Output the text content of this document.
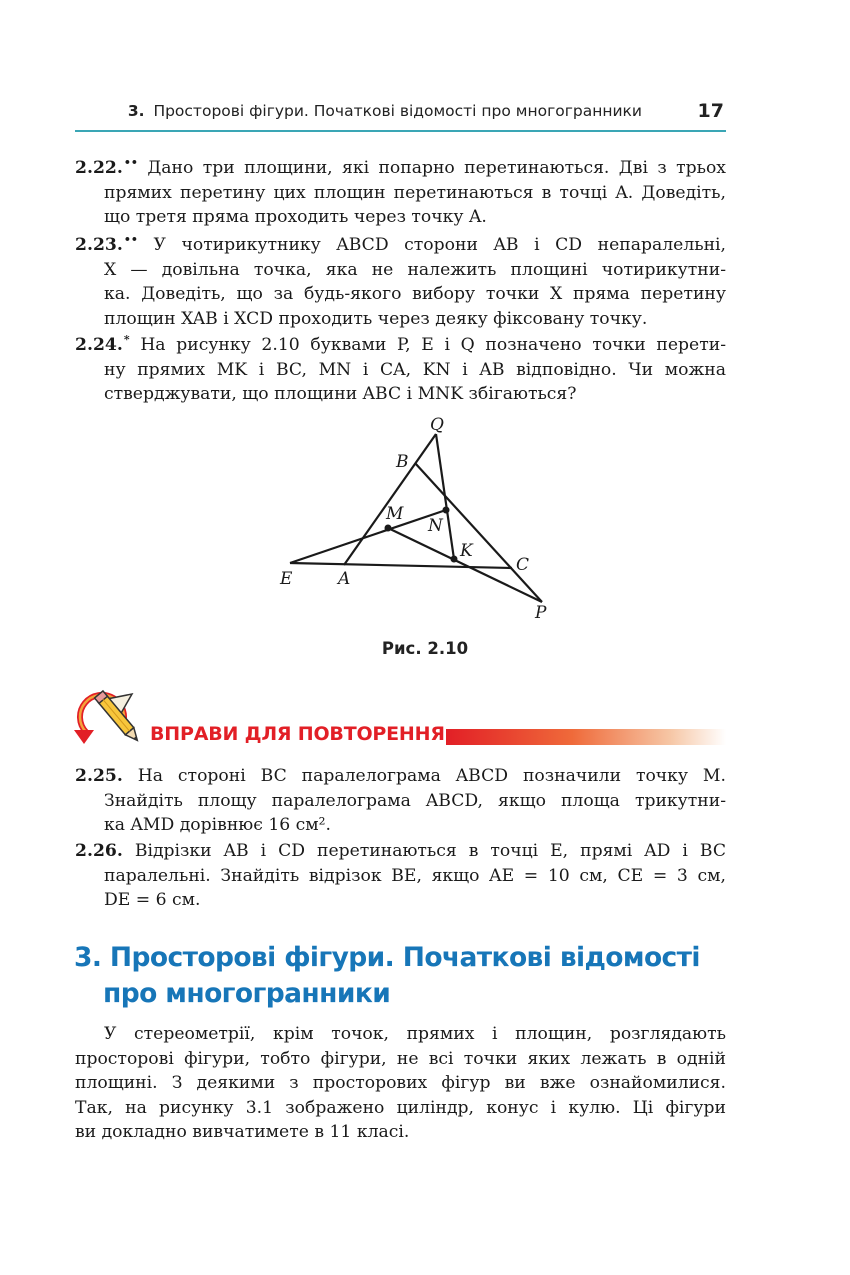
3. Просторові фігури. Початкові відомості про многогранники	17
2.22.•• Дано три площини, які попарно перетинаються. Дві з трьох
прямих перетину цих площин перетинаються в точці A. Доведіть,
що третя пряма проходить через точку A.
2.23.•• У чотирикутнику ABCD сторони AB і CD непаралельні,
X — довільна точка, яка не належить площині чотирикутни-
ка. Доведіть, що за будь-якого вибору точки X пряма перетину
площин XAB і XCD проходить через деяку фіксовану точку.
2.24.* На рисунку 2.10 буквами P, E і Q позначено точки перети-
ну прямих MK і BC, MN і CA, KN і AB відповідно. Чи можна
стверджувати, що площини ABC і MNK збігаються?
Q
B
M
N
K
C
E	A
P
Рис. 2.10
ВПРАВИ ДЛЯ ПОВТОРЕННЯ
2.25. На стороні BC паралелограма ABCD позначили точку M.
Знайдіть площу паралелограма ABCD, якщо площа трикутни-
ка AMD дорівнює 16 см².
2.26. Відрізки AB і CD перетинаються в точці E, прямі AD і BC
паралельні. Знайдіть відрізок BE, якщо AE = 10 см, CE = 3 см,
DE = 6 см.
3. Просторові фігури. Початкові відомості
про многогранники
У стереометрії, крім точок, прямих і площин, розглядають
просторові фігури, тобто фігури, не всі точки яких лежать в одній
площині. З деякими з просторових фігур ви вже ознайомилися.
Так, на рисунку 3.1 зображено циліндр, конус і кулю. Ці фігури
ви докладно вивчатимете в 11 класі.
